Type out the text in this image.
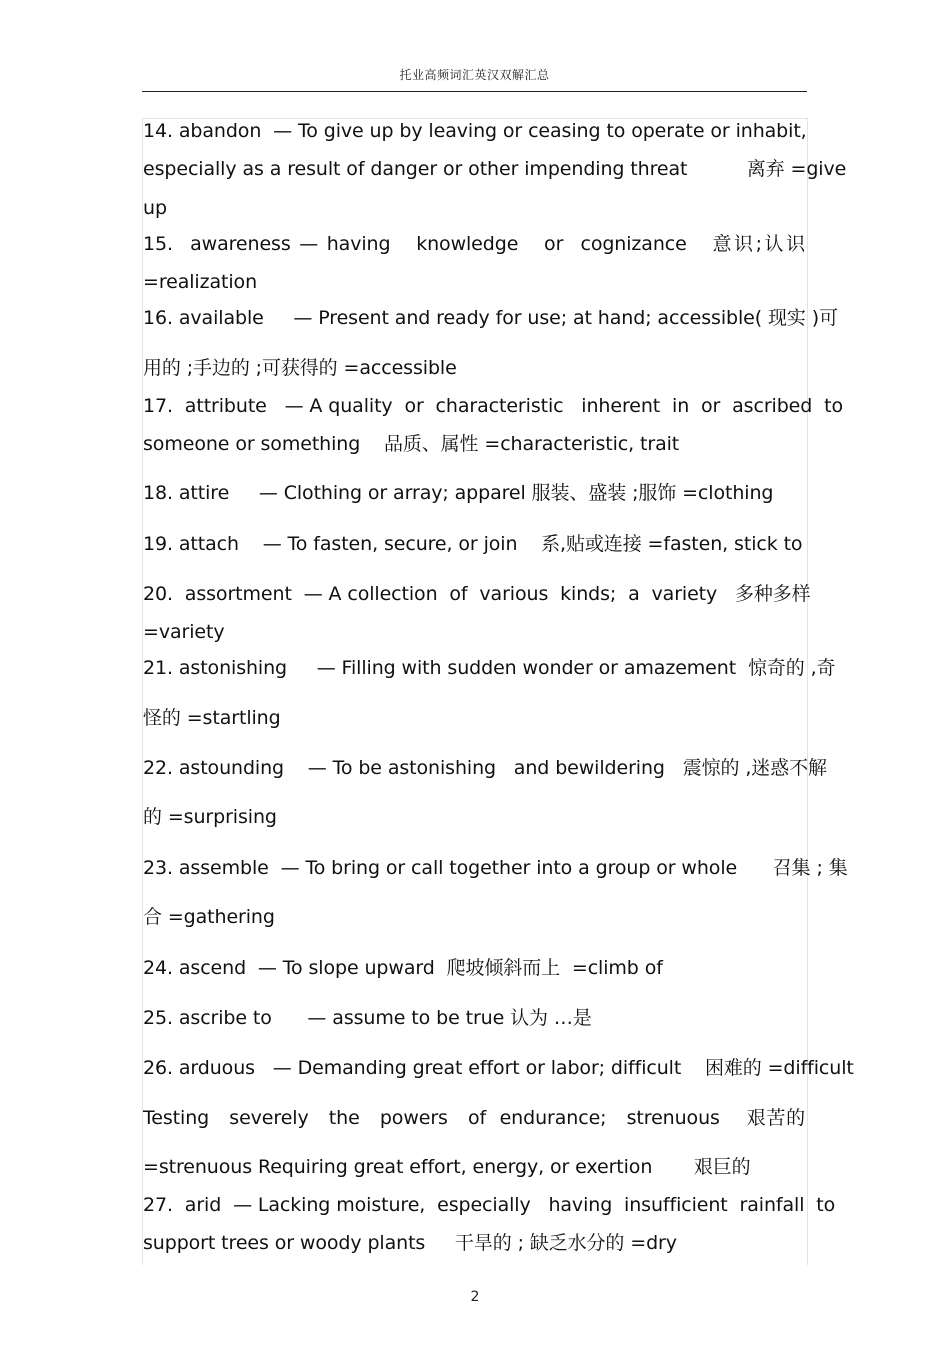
托业高频词汇英汉双解汇总
14. abandon  — To give up by leaving or ceasing to operate or inhabit,
especially as a result of danger or other impending threat          离弃 =give
up
15.  awareness — having   knowledge   or  cognizance   意识;认识
=realization
16. available     — Present and ready for use; at hand; accessible( 现实 )可
用的 ;手边的 ;可获得的 =accessible
17.  attribute   — A quality  or  characteristic   inherent  in  or  ascribed  to
someone or something    品质、属性 =characteristic, trait
18. attire     — Clothing or array; apparel 服装、盛装 ;服饰 =clothing
19. attach    — To fasten, secure, or join    系,贴或连接 =fasten, stick to
20.  assortment  — A collection  of  various  kinds;  a  variety   多种多样
=variety
21. astonishing     — Filling with sudden wonder or amazement  惊奇的 ,奇
怪的 =startling
22. astounding    — To be astonishing   and bewildering   震惊的 ,迷惑不解
的 =surprising
23. assemble  — To bring or call together into a group or whole      召集 ; 集
合 =gathering
24. ascend  — To slope upward  爬坡倾斜而上  =climb of
25. ascribe to      — assume to be true 认为 …是
26. arduous   — Demanding great effort or labor; difficult    困难的 =difficult
Testing   severely   the   powers   of  endurance;   strenuous    艰苦的
=strenuous Requiring great effort, energy, or exertion       艰巨的
27.  arid  — Lacking moisture,  especially   having  insufficient  rainfall  to
support trees or woody plants     干旱的 ; 缺乏水分的 =dry
2
